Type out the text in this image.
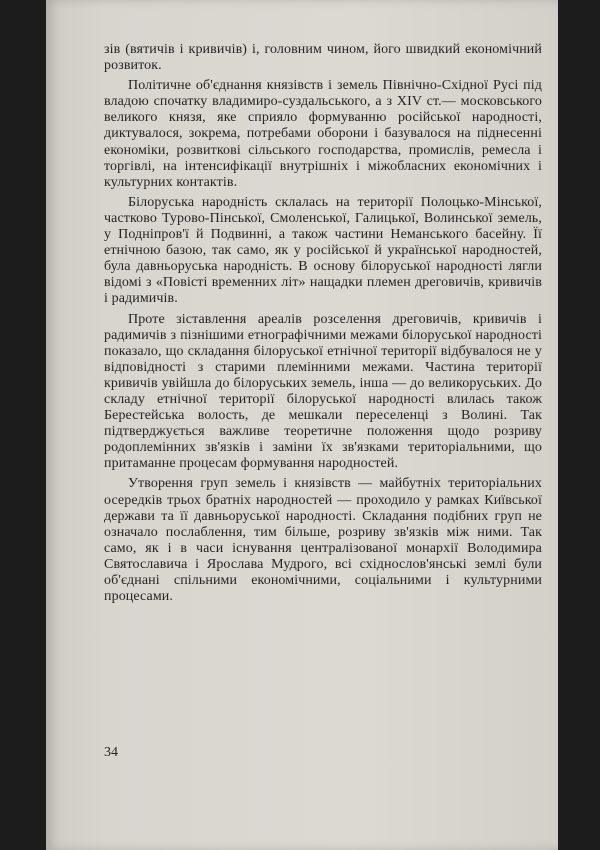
зів (вятичів і кривичів) і, головним чином, його швидкий економічний розвиток.

Політичне об'єднання князівств і земель Північно-Східної Русі під владою спочатку владимиро-суздальського, а з XIV ст.— московського великого князя, яке сприяло формуванню російської народності, диктувалося, зокрема, потребами оборони і базувалося на піднесенні економіки, розвиткові сільського господарства, промислів, ремесла і торгівлі, на інтенсифікації внутрішніх і міжобласних економічних і культурних контактів.

Білоруська народність склалась на території Полоцько-Мінської, частково Турово-Пінської, Смоленської, Галицької, Волинської земель, у Подніпров'ї й Подвинні, а також частини Неманського басейну. Її етнічною базою, так само, як у російської й української народностей, була давньоруська народність. В основу білоруської народності лягли відомі з «Повісті временних літ» нащадки племен дреговичів, кривичів і радимичів.

Проте зіставлення ареалів розселення дреговичів, кривичів і радимичів з пізнішими етнографічними межами білоруської народності показало, що складання білоруської етнічної території відбувалося не у відповідності з старими племінними межами. Частина території кривичів увійшла до білоруських земель, інша — до великоруських. До складу етнічної території білоруської народності влилась також Берестейська волость, де мешкали переселенці з Волині. Так підтверджується важливе теоретичне положення щодо розриву родоплемінних зв'язків і заміни їх зв'язками територіальними, що притаманне процесам формування народностей.

Утворення груп земель і князівств — майбутніх територіальних осередків трьох братніх народностей — проходило у рамках Київської держави та її давньоруської народності. Складання подібних груп не означало послаблення, тим більше, розриву зв'язків між ними. Так само, як і в часи існування централізованої монархії Володимира Святославича і Ярослава Мудрого, всі східнослов'янські землі були об'єднані спільними економічними, соціальними і культурними процесами.

34
